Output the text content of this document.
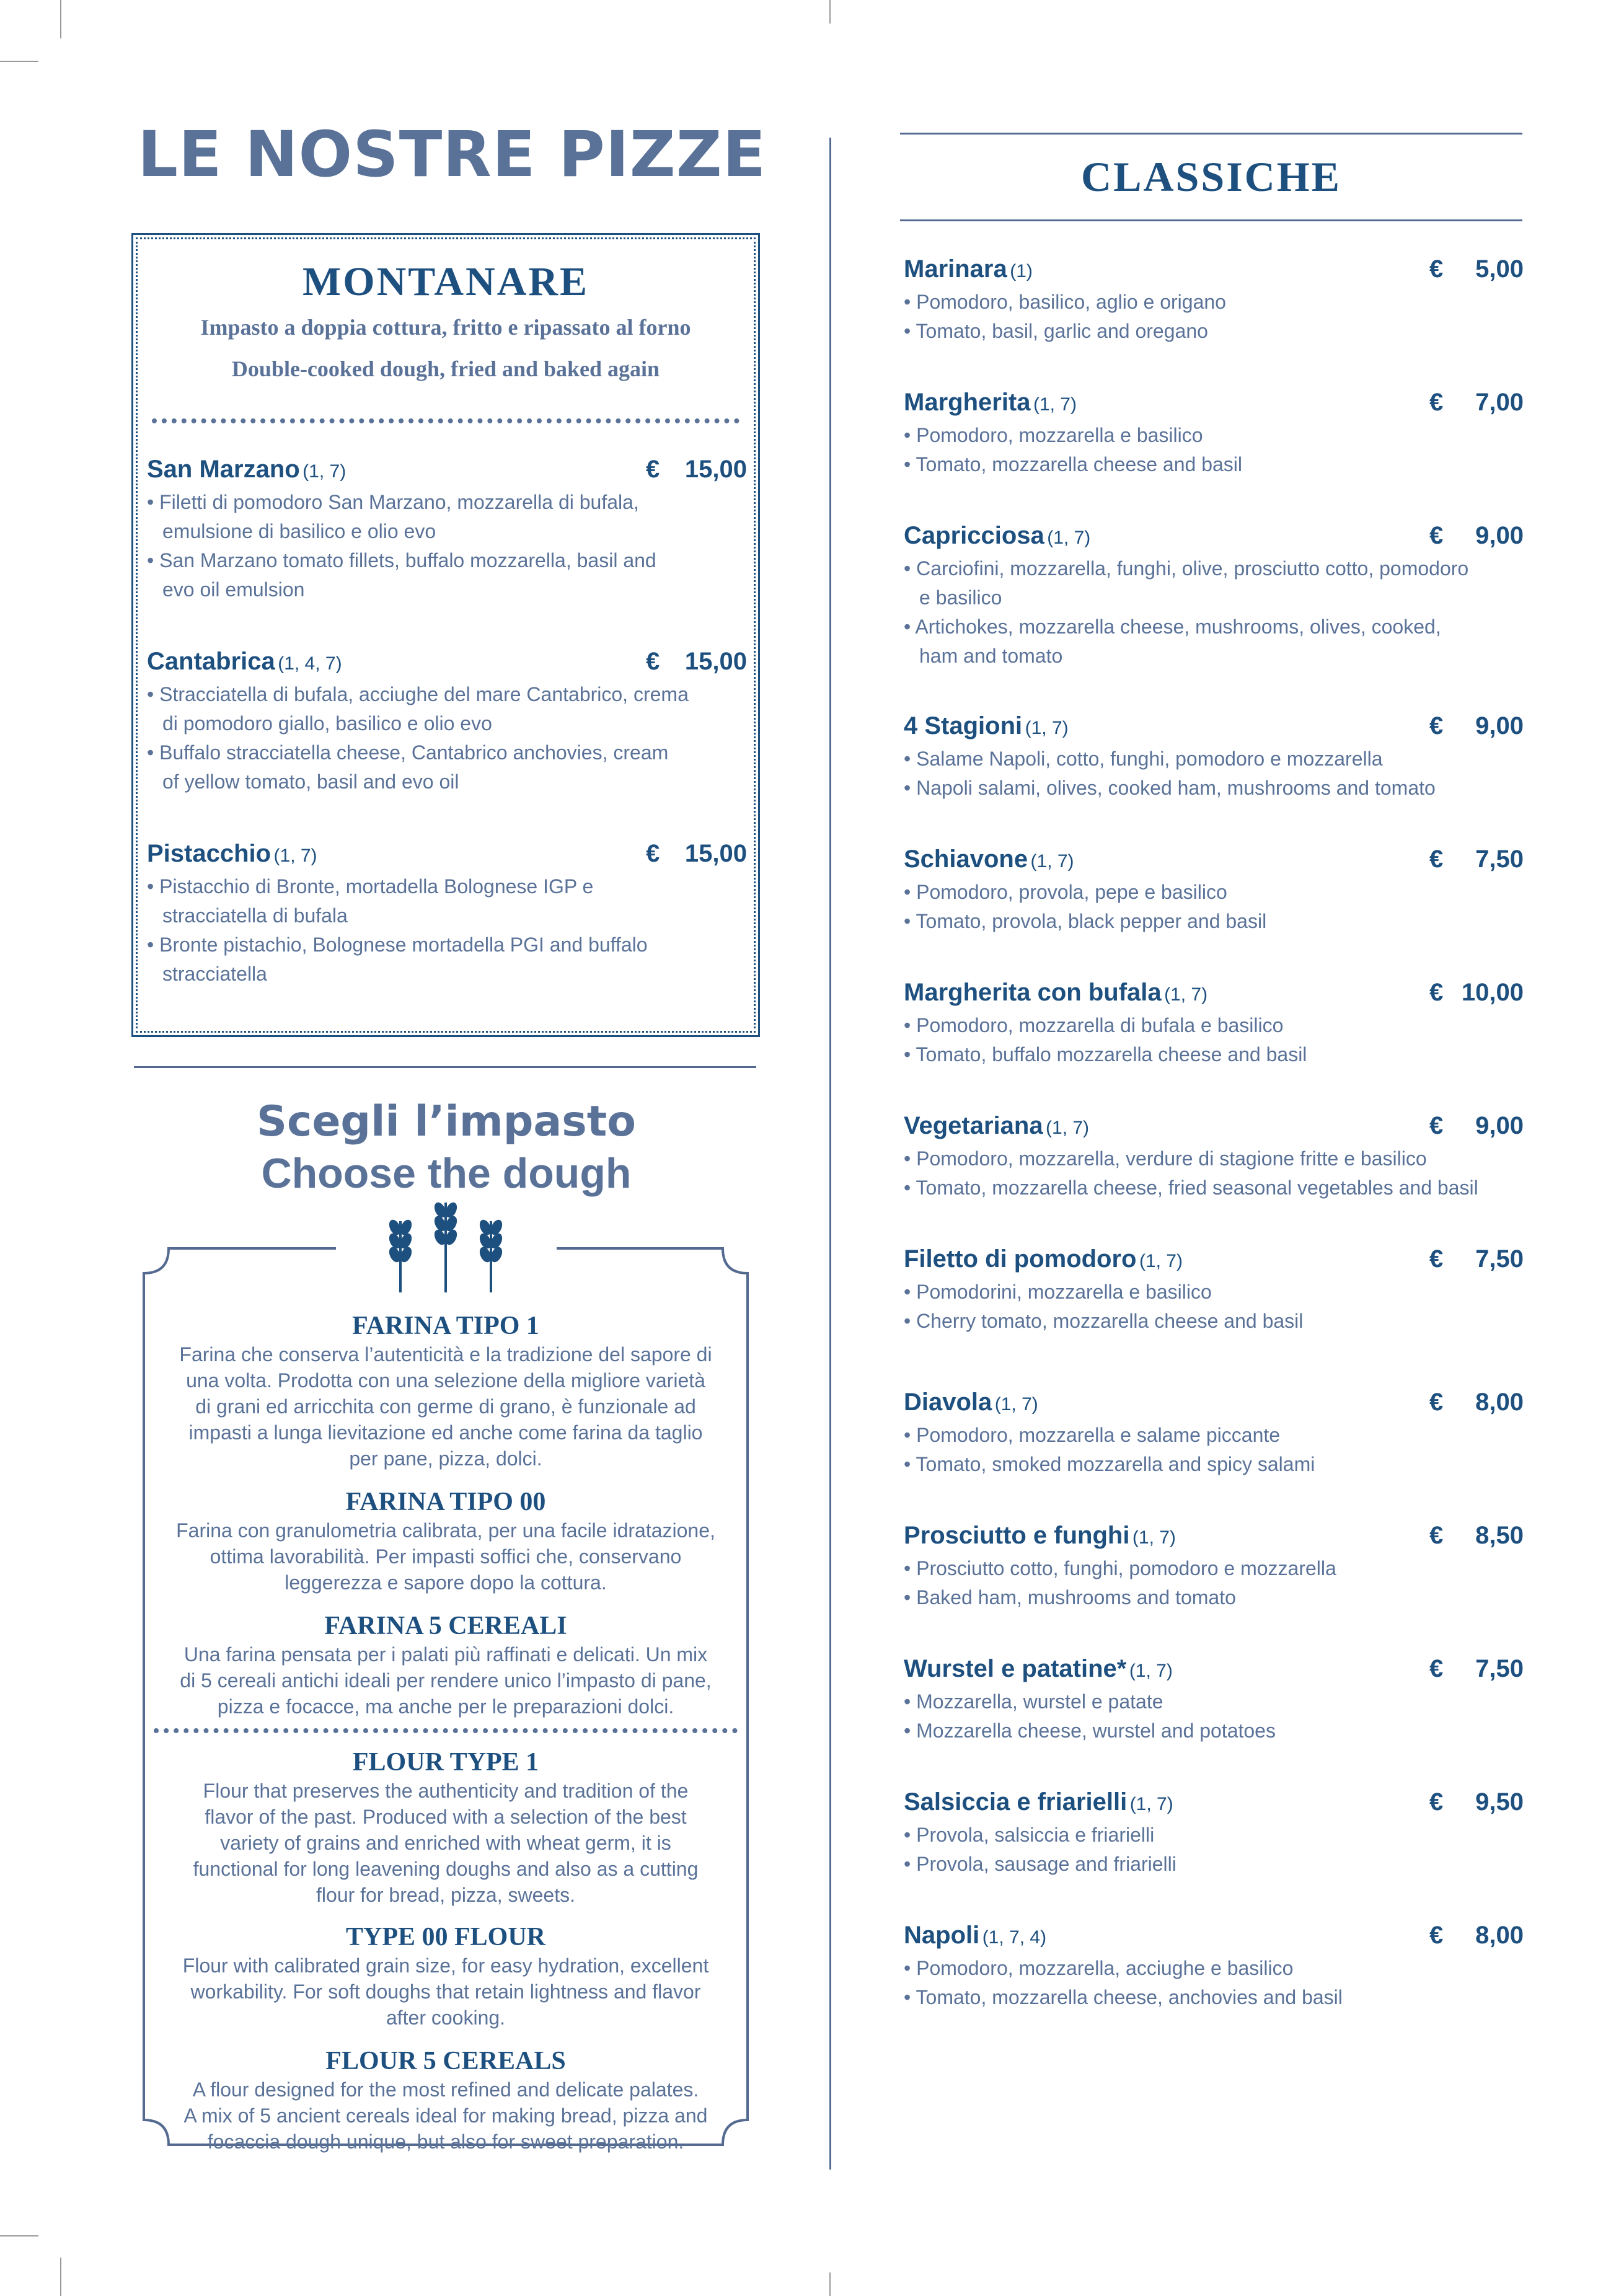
LE NOSTRE PIZZE
MONTANARE

Impasto a doppia cottura, fritto e ripassato al forno

Double-cooked dough, fried and baked again

San Marzano (1, 7)	€ 15,00
• Filetti di pomodoro San Marzano, mozzarella di bufala,
emulsione di basilico e olio evo
• San Marzano tomato fillets, buffalo mozzarella, basil and
evo oil emulsion
Cantabrica (1, 4, 7)	€ 15,00
• Stracciatella di bufala, acciughe del mare Cantabrico, crema
di pomodoro giallo, basilico e olio evo
• Buffalo stracciatella cheese, Cantabrico anchovies, cream
of yellow tomato, basil and evo oil
Pistacchio (1, 7)	€ 15,00
• Pistacchio di Bronte, mortadella Bolognese IGP e
stracciatella di bufala
• Bronte pistachio, Bolognese mortadella PGI and buffalo
stracciatella
Scegli l’impasto
Choose the dough
FARINA TIPO 1

Farina che conserva l’autenticità e la tradizione del sapore di

una volta. Prodotta con una selezione della migliore varietà

di grani ed arricchita con germe di grano, è funzionale ad

impasti a lunga lievitazione ed anche come farina da taglio

per pane, pizza, dolci.

FARINA TIPO 00

Farina con granulometria calibrata, per una facile idratazione,

ottima lavorabilità. Per impasti soffici che, conservano

leggerezza e sapore dopo la cottura.

FARINA 5 CEREALI

Una farina pensata per i palati più raffinati e delicati. Un mix

di 5 cereali antichi ideali per rendere unico l’impasto di pane,

pizza e focacce, ma anche per le preparazioni dolci.

FLOUR TYPE 1

Flour that preserves the authenticity and tradition of the

flavor of the past. Produced with a selection of the best

variety of grains and enriched with wheat germ, it is

functional for long leavening doughs and also as a cutting

flour for bread, pizza, sweets.

TYPE 00 FLOUR

Flour with calibrated grain size, for easy hydration, excellent

workability. For soft doughs that retain lightness and flavor

after cooking.

FLOUR 5 CEREALS

A flour designed for the most refined and delicate palates.

A mix of 5 ancient cereals ideal for making bread, pizza and

focaccia dough unique, but also for sweet preparation.

CLASSICHE
Marinara (1)	€ 5,00
• Pomodoro, basilico, aglio e origano
• Tomato, basil, garlic and oregano
Margherita (1, 7)	€ 7,00
• Pomodoro, mozzarella e basilico
• Tomato, mozzarella cheese and basil
Capricciosa (1, 7)	€ 9,00
• Carciofini, mozzarella, funghi, olive, prosciutto cotto, pomodoro
e basilico
• Artichokes, mozzarella cheese, mushrooms, olives, cooked,
ham and tomato
4 Stagioni (1, 7)	€ 9,00
• Salame Napoli, cotto, funghi, pomodoro e mozzarella
• Napoli salami, olives, cooked ham, mushrooms and tomato
Schiavone (1, 7)	€ 7,50
• Pomodoro, provola, pepe e basilico
• Tomato, provola, black pepper and basil
Margherita con bufala (1, 7)	€ 10,00
• Pomodoro, mozzarella di bufala e basilico
• Tomato, buffalo mozzarella cheese and basil
Vegetariana (1, 7)	€ 9,00
• Pomodoro, mozzarella, verdure di stagione fritte e basilico
• Tomato, mozzarella cheese, fried seasonal vegetables and basil
Filetto di pomodoro (1, 7)	€ 7,50
• Pomodorini, mozzarella e basilico
• Cherry tomato, mozzarella cheese and basil
Diavola (1, 7)	€ 8,00
• Pomodoro, mozzarella e salame piccante
• Tomato, smoked mozzarella and spicy salami
Prosciutto e funghi (1, 7)	€ 8,50
• Prosciutto cotto, funghi, pomodoro e mozzarella
• Baked ham, mushrooms and tomato
Wurstel e patatine* (1, 7)	€ 7,50
• Mozzarella, wurstel e patate
• Mozzarella cheese, wurstel and potatoes
Salsiccia e friarielli (1, 7)	€ 9,50
• Provola, salsiccia e friarielli
• Provola, sausage and friarielli
Napoli (1, 7, 4)	€ 8,00
• Pomodoro, mozzarella, acciughe e basilico
• Tomato, mozzarella cheese, anchovies and basil
